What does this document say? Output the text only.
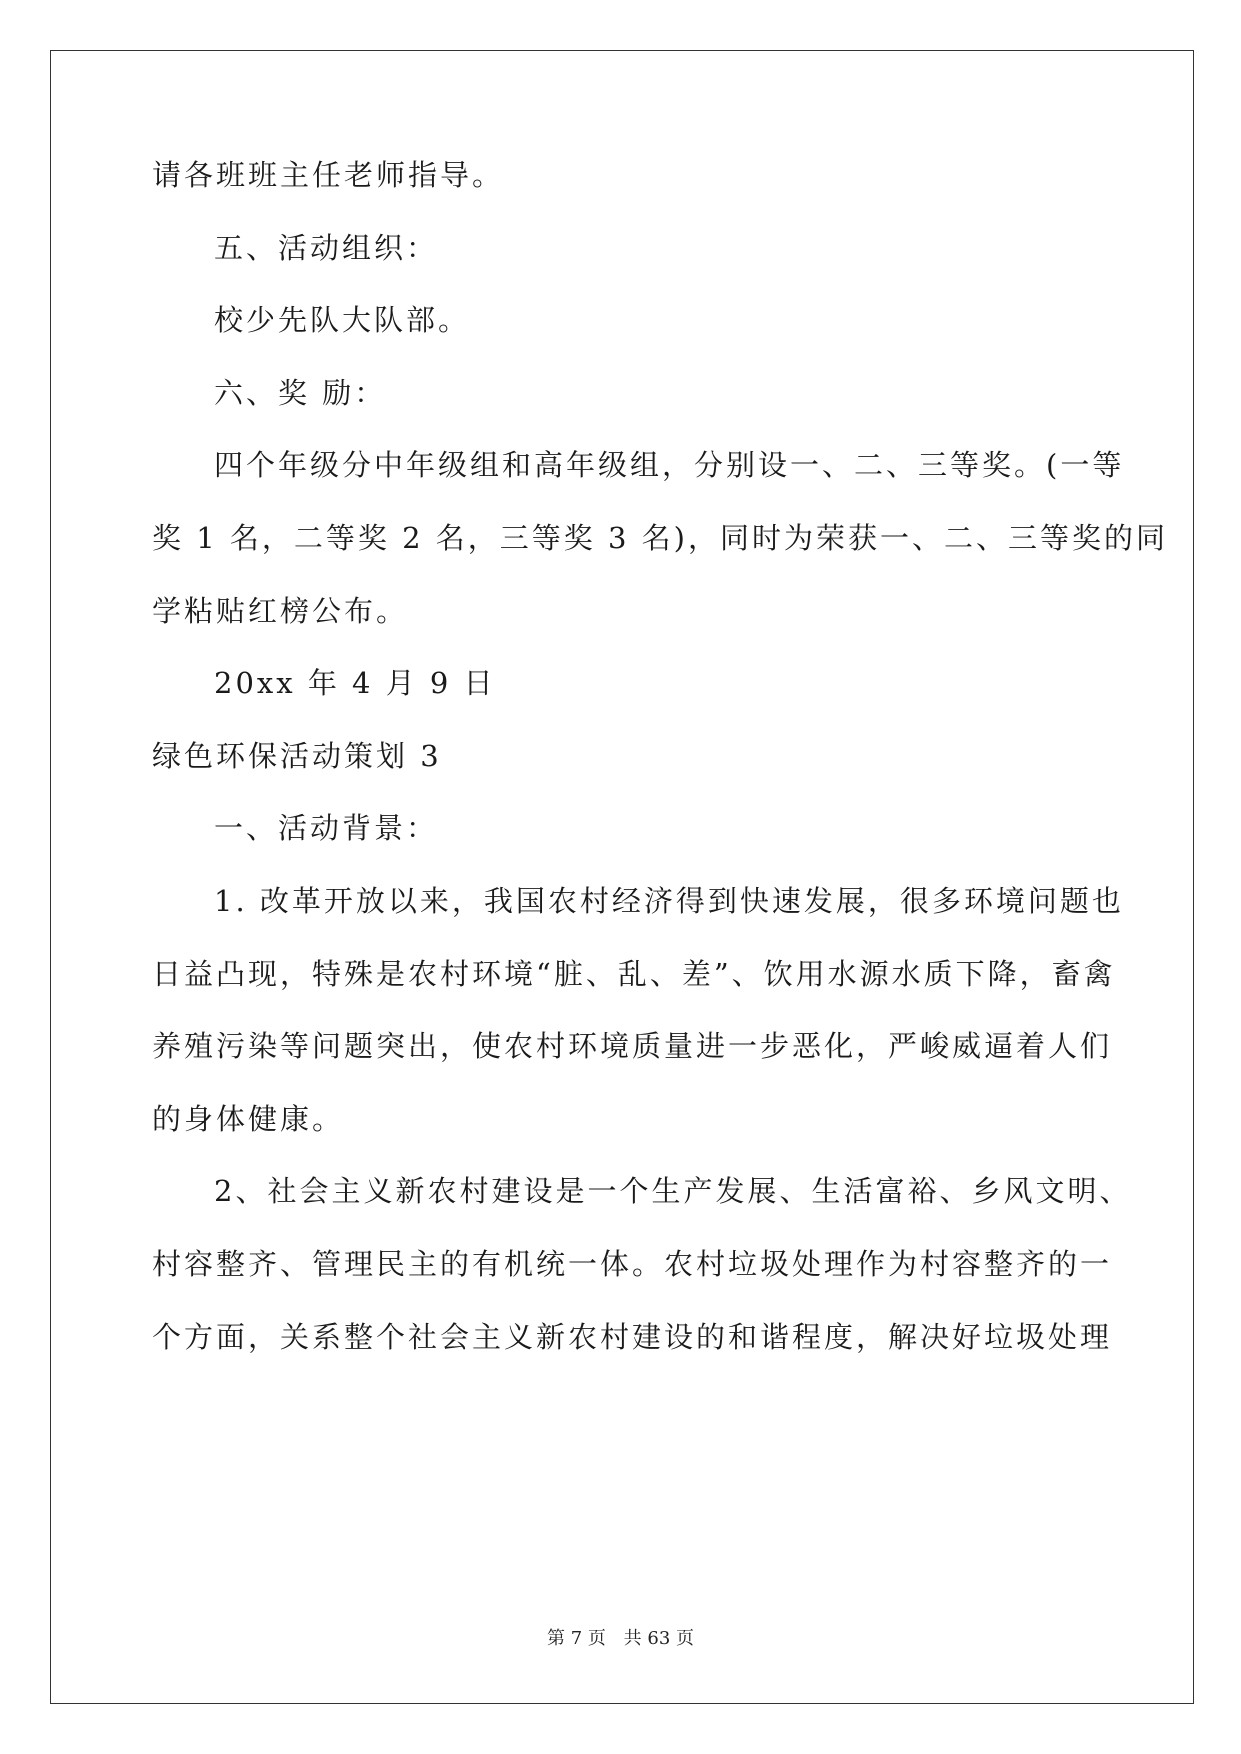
请各班班主任老师指导。
五、活动组织：
校少先队大队部。
六、奖 励：
四个年级分中年级组和高年级组，分别设一、二、三等奖。(一等
奖 1 名，二等奖 2 名，三等奖 3 名)，同时为荣获一、二、三等奖的同
学粘贴红榜公布。
20xx 年 4 月 9 日
绿色环保活动策划 3
一、活动背景：
1. 改革开放以来，我国农村经济得到快速发展，很多环境问题也
日益凸现，特殊是农村环境“脏、乱、差”、饮用水源水质下降，畜禽
养殖污染等问题突出，使农村环境质量进一步恶化，严峻威逼着人们
的身体健康。
2、社会主义新农村建设是一个生产发展、生活富裕、乡风文明、
村容整齐、管理民主的有机统一体。农村垃圾处理作为村容整齐的一
个方面，关系整个社会主义新农村建设的和谐程度，解决好垃圾处理
第 7 页 共 63 页
